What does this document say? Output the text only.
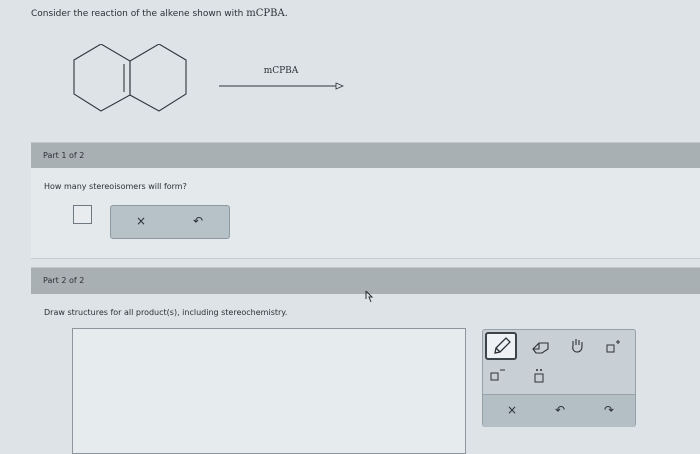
Consider the reaction of the alkene shown with mCPBA.
mCPBA
Part 1 of 2
How many stereoisomers will form?
×	↶
Part 2 of 2
Draw structures for all product(s), including stereochemistry.
×	↶	↷
